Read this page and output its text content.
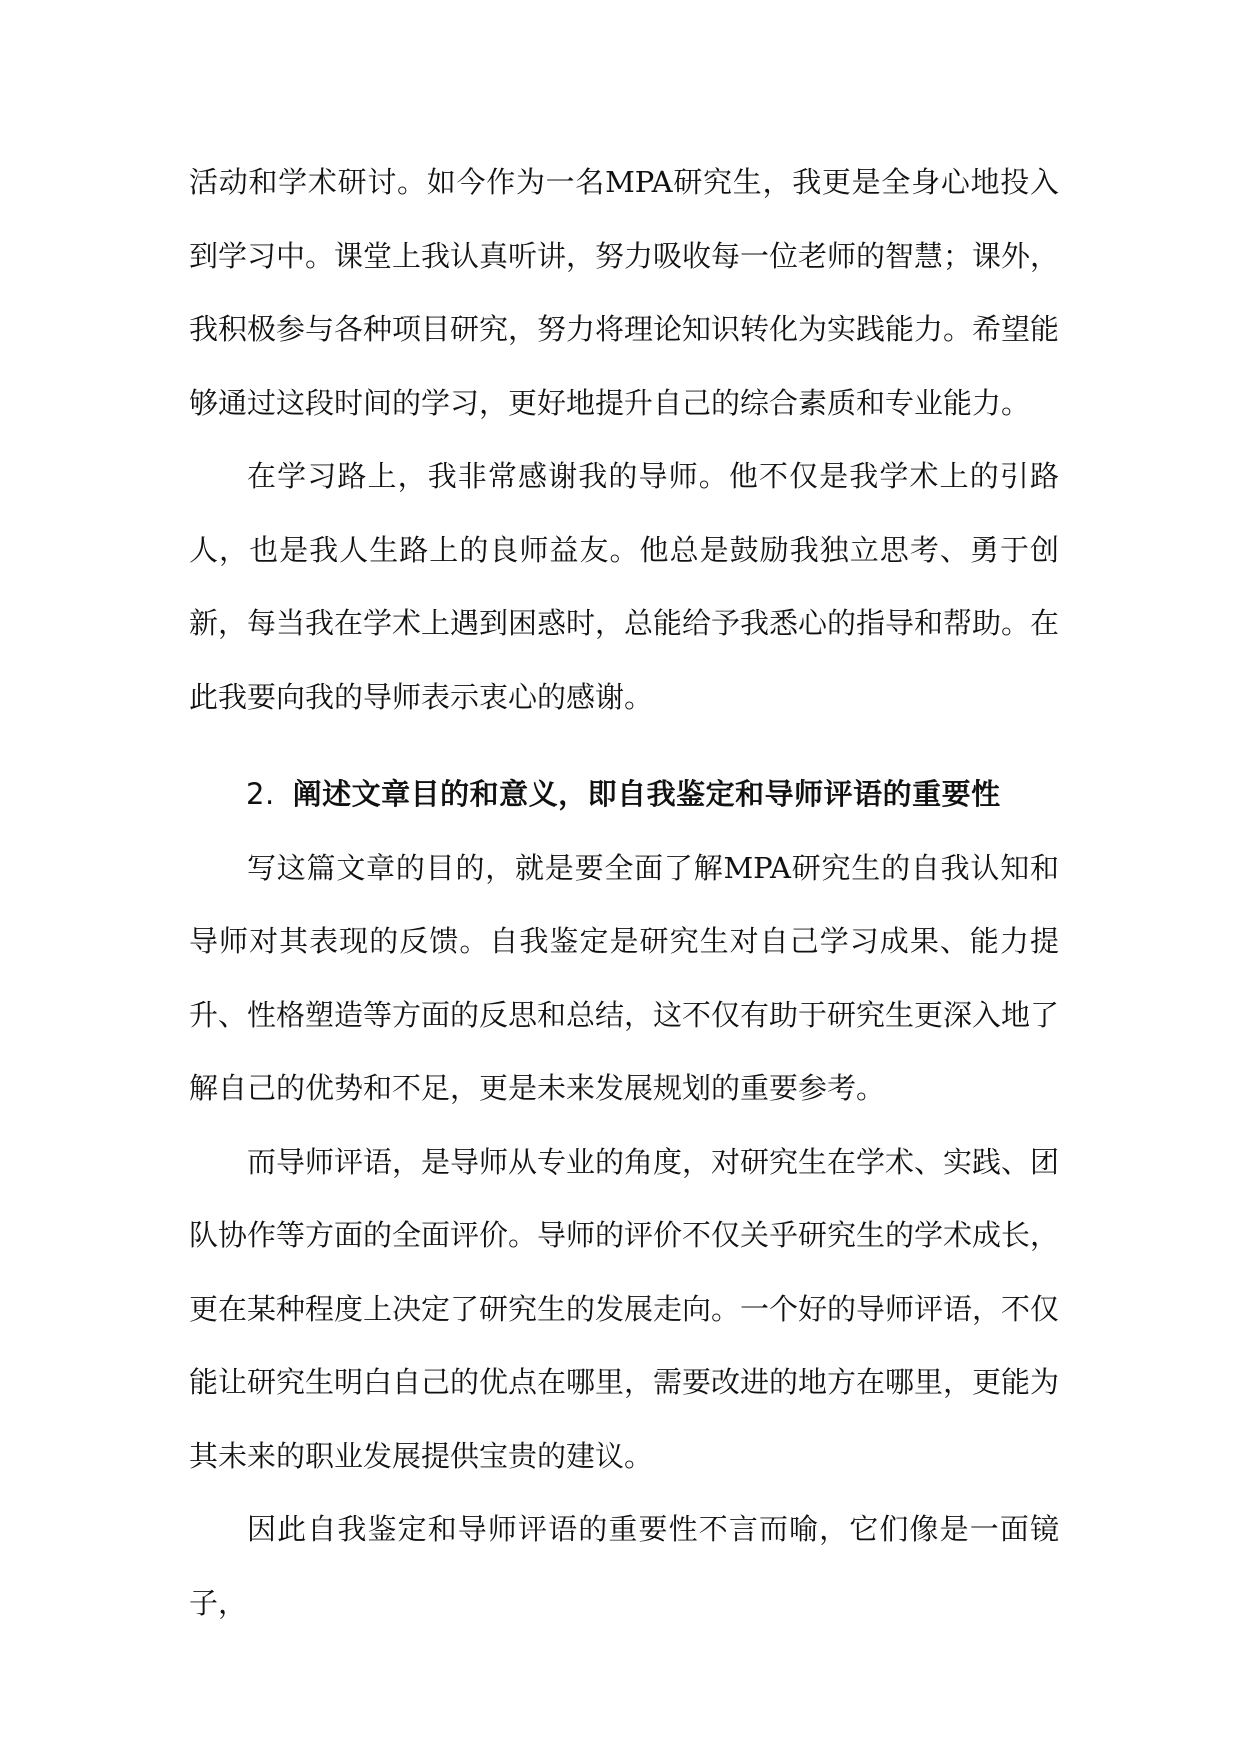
活动和学术研讨。如今作为一名MPA研究生，我更是全身心地投入到学习中。课堂上我认真听讲，努力吸收每一位老师的智慧；课外，我积极参与各种项目研究，努力将理论知识转化为实践能力。希望能够通过这段时间的学习，更好地提升自己的综合素质和专业能力。

在学习路上，我非常感谢我的导师。他不仅是我学术上的引路人，也是我人生路上的良师益友。他总是鼓励我独立思考、勇于创新，每当我在学术上遇到困惑时，总能给予我悉心的指导和帮助。在此我要向我的导师表示衷心的感谢。

2. 阐述文章目的和意义，即自我鉴定和导师评语的重要性

写这篇文章的目的，就是要全面了解MPA研究生的自我认知和导师对其表现的反馈。自我鉴定是研究生对自己学习成果、能力提升、性格塑造等方面的反思和总结，这不仅有助于研究生更深入地了解自己的优势和不足，更是未来发展规划的重要参考。

而导师评语，是导师从专业的角度，对研究生在学术、实践、团队协作等方面的全面评价。导师的评价不仅关乎研究生的学术成长，更在某种程度上决定了研究生的发展走向。一个好的导师评语，不仅能让研究生明白自己的优点在哪里，需要改进的地方在哪里，更能为其未来的职业发展提供宝贵的建议。

因此自我鉴定和导师评语的重要性不言而喻，它们像是一面镜子，
